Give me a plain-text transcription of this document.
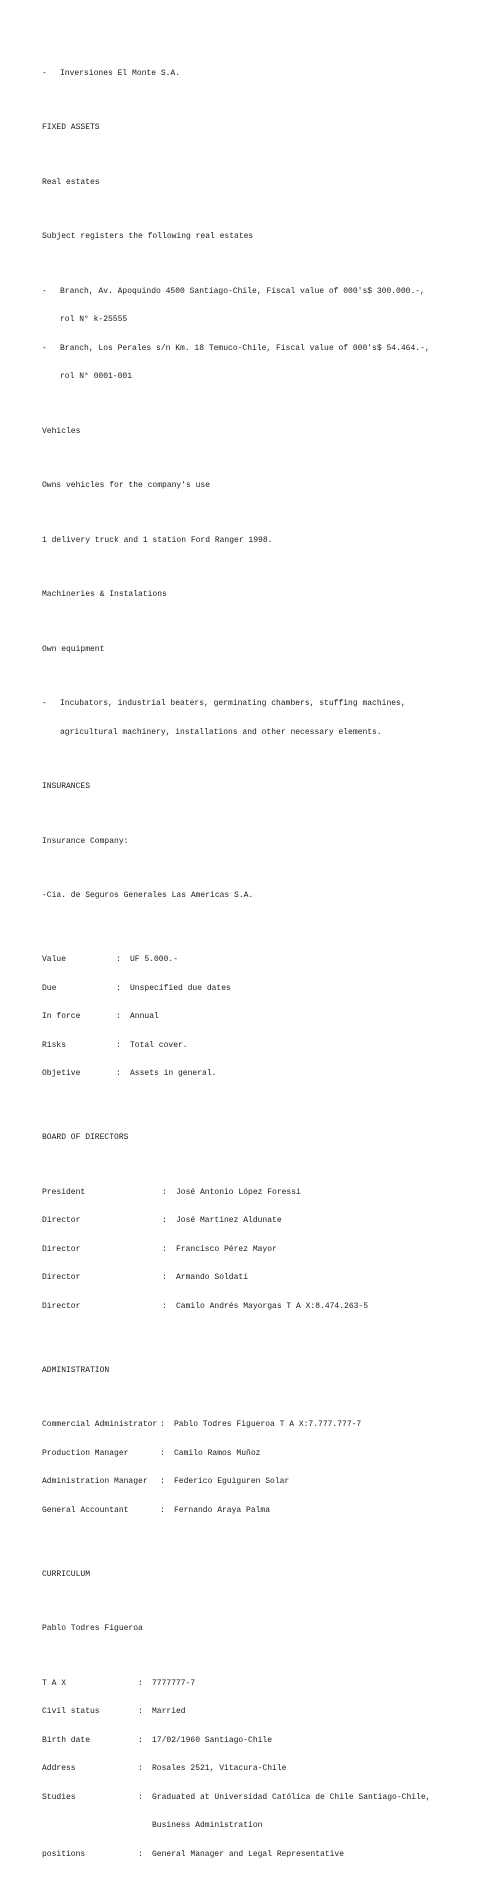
-	Inversiones El Monte S.A.

FIXED ASSETS

Real estates

Subject registers the following real estates

-	Branch, Av. Apoquindo 4500 Santiago-Chile, Fiscal value of 000's$ 300.000.-,

rol N° k-25555

-	Branch, Los Perales s/n Km. 18 Temuco-Chile, Fiscal value of 000's$ 54.464.-,

rol N° 0001-001

Vehicles

Owns vehicles for the company's use

1 delivery truck and 1 station Ford Ranger 1998.

Machineries & Instalations

Own equipment

-	Incubators, industrial beaters, germinating chambers, stuffing machines,

agricultural machinery, installations and other necessary elements.

INSURANCES

Insurance Company:

-Cia. de Seguros Generales Las Americas S.A.

Value	:	UF 5.000.-

Due	:	Unspecified due dates

In force	:	Annual

Risks	:	Total cover.

Objetive	:	Assets in general.

BOARD OF DIRECTORS

President	:	José Antonio López Foressi

Director	:	José Martinez Aldunate

Director	:	Francisco Pérez Mayor

Director	:	Armando Soldati

Director	:	Camilo Andrés Mayorgas T A X:8.474.263-5

ADMINISTRATION

Commercial Administrator :	Pablo Todres Figueroa T A X:7.777.777-7

Production Manager	:	Camilo Ramos Muñoz

Administration Manager	:	Federico Eguiguren Solar

General Accountant	:	Fernando Araya Palma

CURRICULUM

Pablo Todres Figueroa

T A X	:	7777777-7

Civil status	:	Married

Birth date	:	17/02/1960 Santiago-Chile

Address	:	Rosales 2521, Vitacura-Chile

Studies	:	Graduated at Universidad Católica de Chile Santiago-Chile,

Business Administration

positions	:	General Manager and Legal Representative
